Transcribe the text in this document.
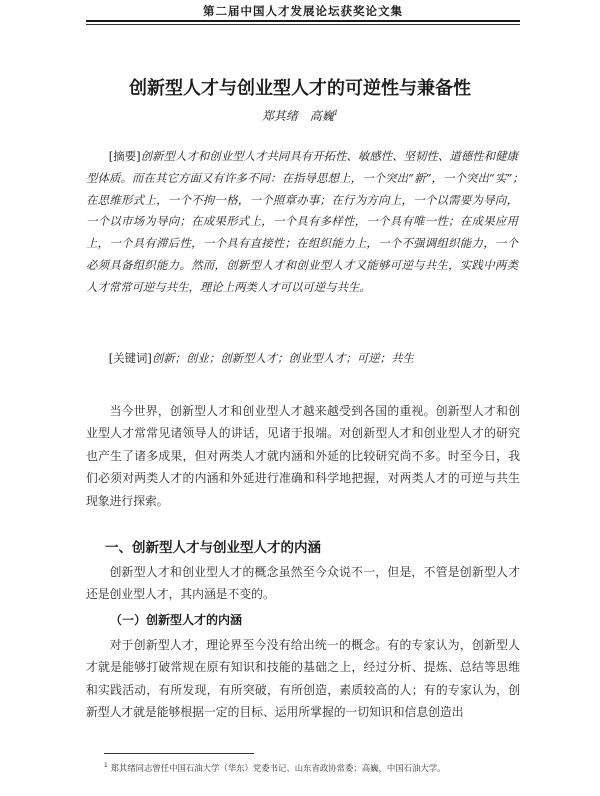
第二届中国人才发展论坛获奖论文集
创新型人才与创业型人才的可逆性与兼备性
郑其绪　高巍$^1$

[摘要]创新型人才和创业型人才共同具有开拓性、敏感性、坚韧性、道德性和健康型体质。而在其它方面又有许多不同：在指导思想上，一个突出“新”，一个突出“实”；　在思维形式上，一个不拘一格，一个照章办事；在行为方向上，一个以需要为导向，一个以市场为导向；在成果形式上，一个具有多样性，一个具有唯一性；在成果应用上，一个具有滞后性，一个具有直接性；在组织能力上，一个不强调组织能力，一个必须具备组织能力。然而，创新型人才和创业型人才又能够可逆与共生，实践中两类人才常常可逆与共生，理论上两类人才可以可逆与共生。

[关键词]创新；创业；创新型人才；创业型人才；可逆；共生

当今世界，创新型人才和创业型人才越来越受到各国的重视。创新型人才和创业型人才常常见诸领导人的讲话，见诸于报端。对创新型人才和创业型人才的研究也产生了诸多成果，但对两类人才就内涵和外延的比较研究尚不多。时至今日，我们必须对两类人才的内涵和外延进行准确和科学地把握，对两类人才的可逆与共生现象进行探索。

一、创新型人才与创业型人才的内涵

创新型人才和创业型人才的概念虽然至今众说不一，但是，不管是创新型人才还是创业型人才，其内涵是不变的。

（一）创新型人才的内涵

对于创新型人才，理论界至今没有给出统一的概念。有的专家认为，创新型人才就是能够打破常规在原有知识和技能的基础之上，经过分析、提炼、总结等思维和实践活动，有所发现，有所突破，有所创造，素质较高的人；有的专家认为，创新型人才就是能够根据一定的目标、运用所掌握的一切知识和信息创造出

$^1$ 郑其绪同志曾任中国石油大学（华东）党委书记、山东省政协常委；高巍，中国石油大学。
